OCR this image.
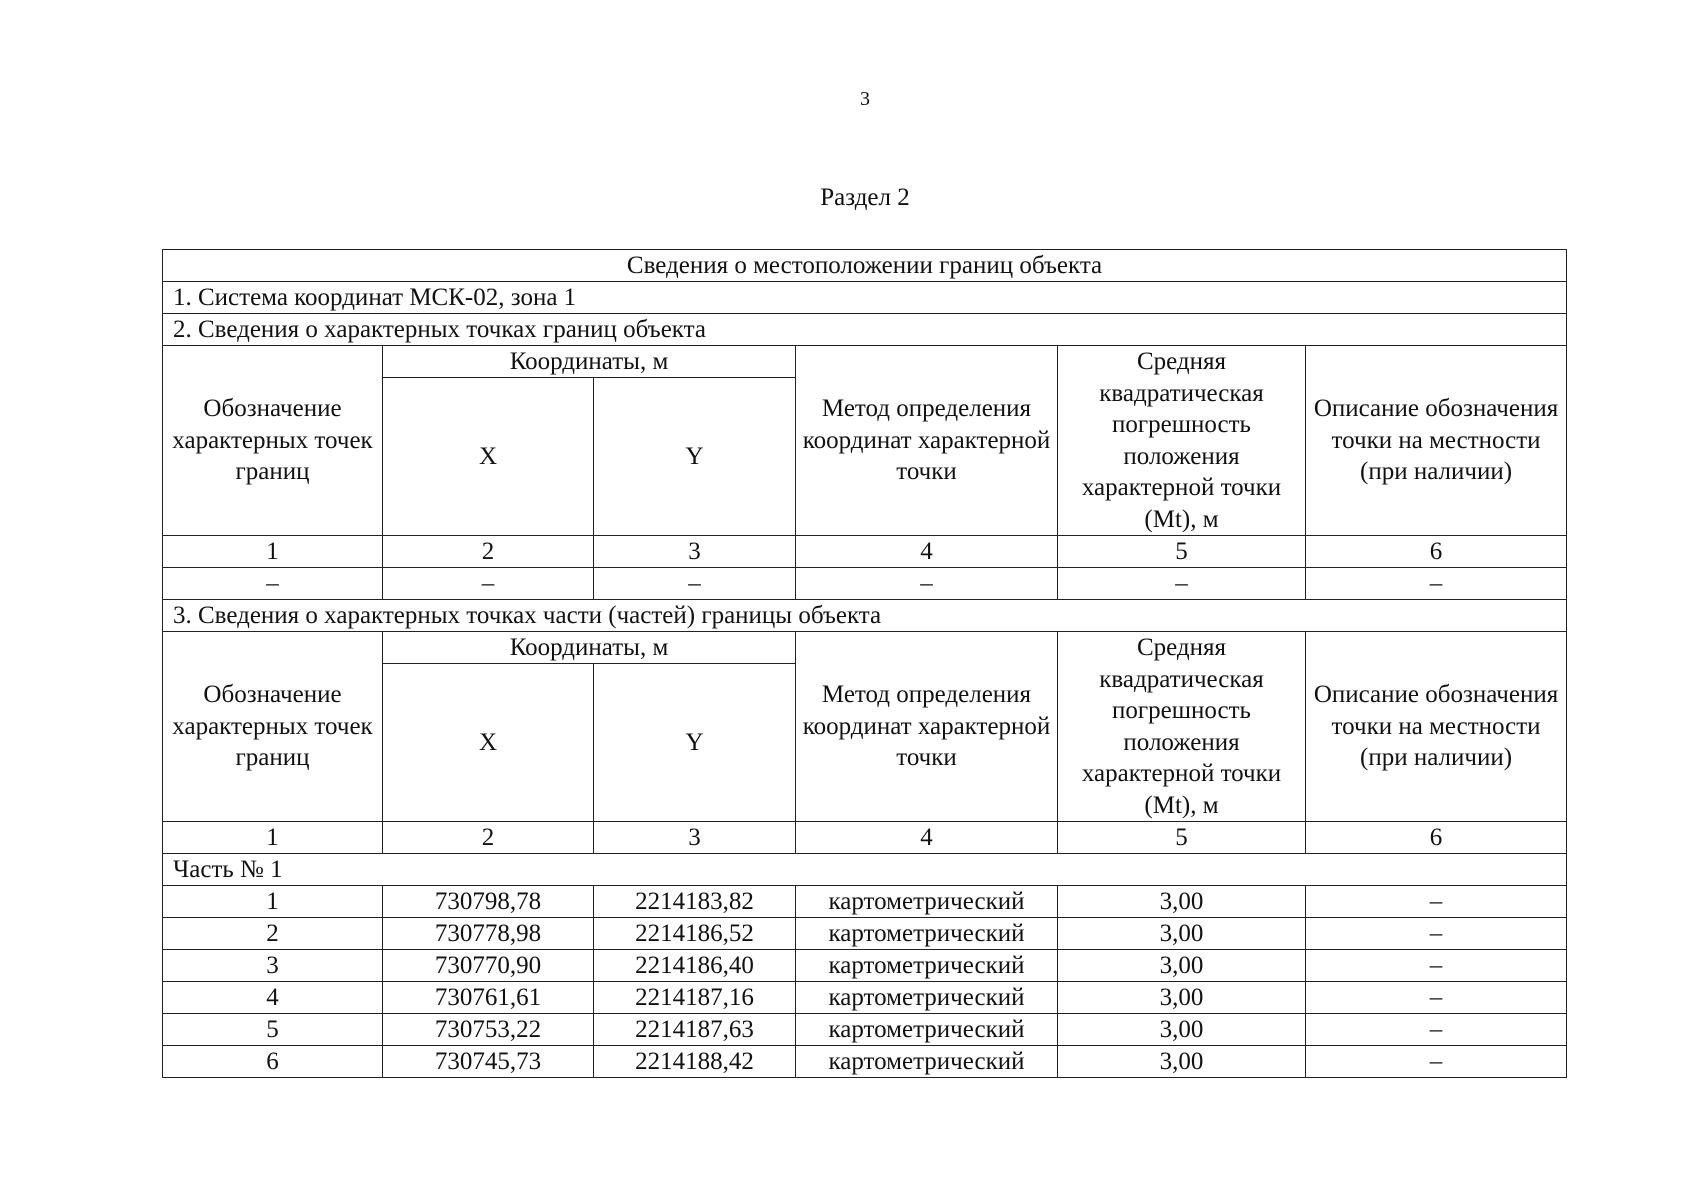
3
Раздел 2
Сведения о местоположении границ объекта					
1. Система координат МСК-02, зона 1					
2. Сведения о характерных точках границ объекта					
Обозначение характерных точек границ	Координаты, м		Метод определения координат характерной точки	Средняя квадратическая погрешность положения характерной точки (Mt), м	Описание обозначения точки на местности (при наличии)
	X	Y			
1	2	3	4	5	6
–	–	–	–	–	–
3. Сведения о характерных точках части (частей) границы объекта					
Обозначение характерных точек границ	Координаты, м		Метод определения координат характерной точки	Средняя квадратическая погрешность положения характерной точки (Mt), м	Описание обозначения точки на местности (при наличии)
	X	Y			
1	2	3	4	5	6
Часть № 1					
1	730798,78	2214183,82	картометрический	3,00	–
2	730778,98	2214186,52	картометрический	3,00	–
3	730770,90	2214186,40	картометрический	3,00	–
4	730761,61	2214187,16	картометрический	3,00	–
5	730753,22	2214187,63	картометрический	3,00	–
6	730745,73	2214188,42	картометрический	3,00	–
